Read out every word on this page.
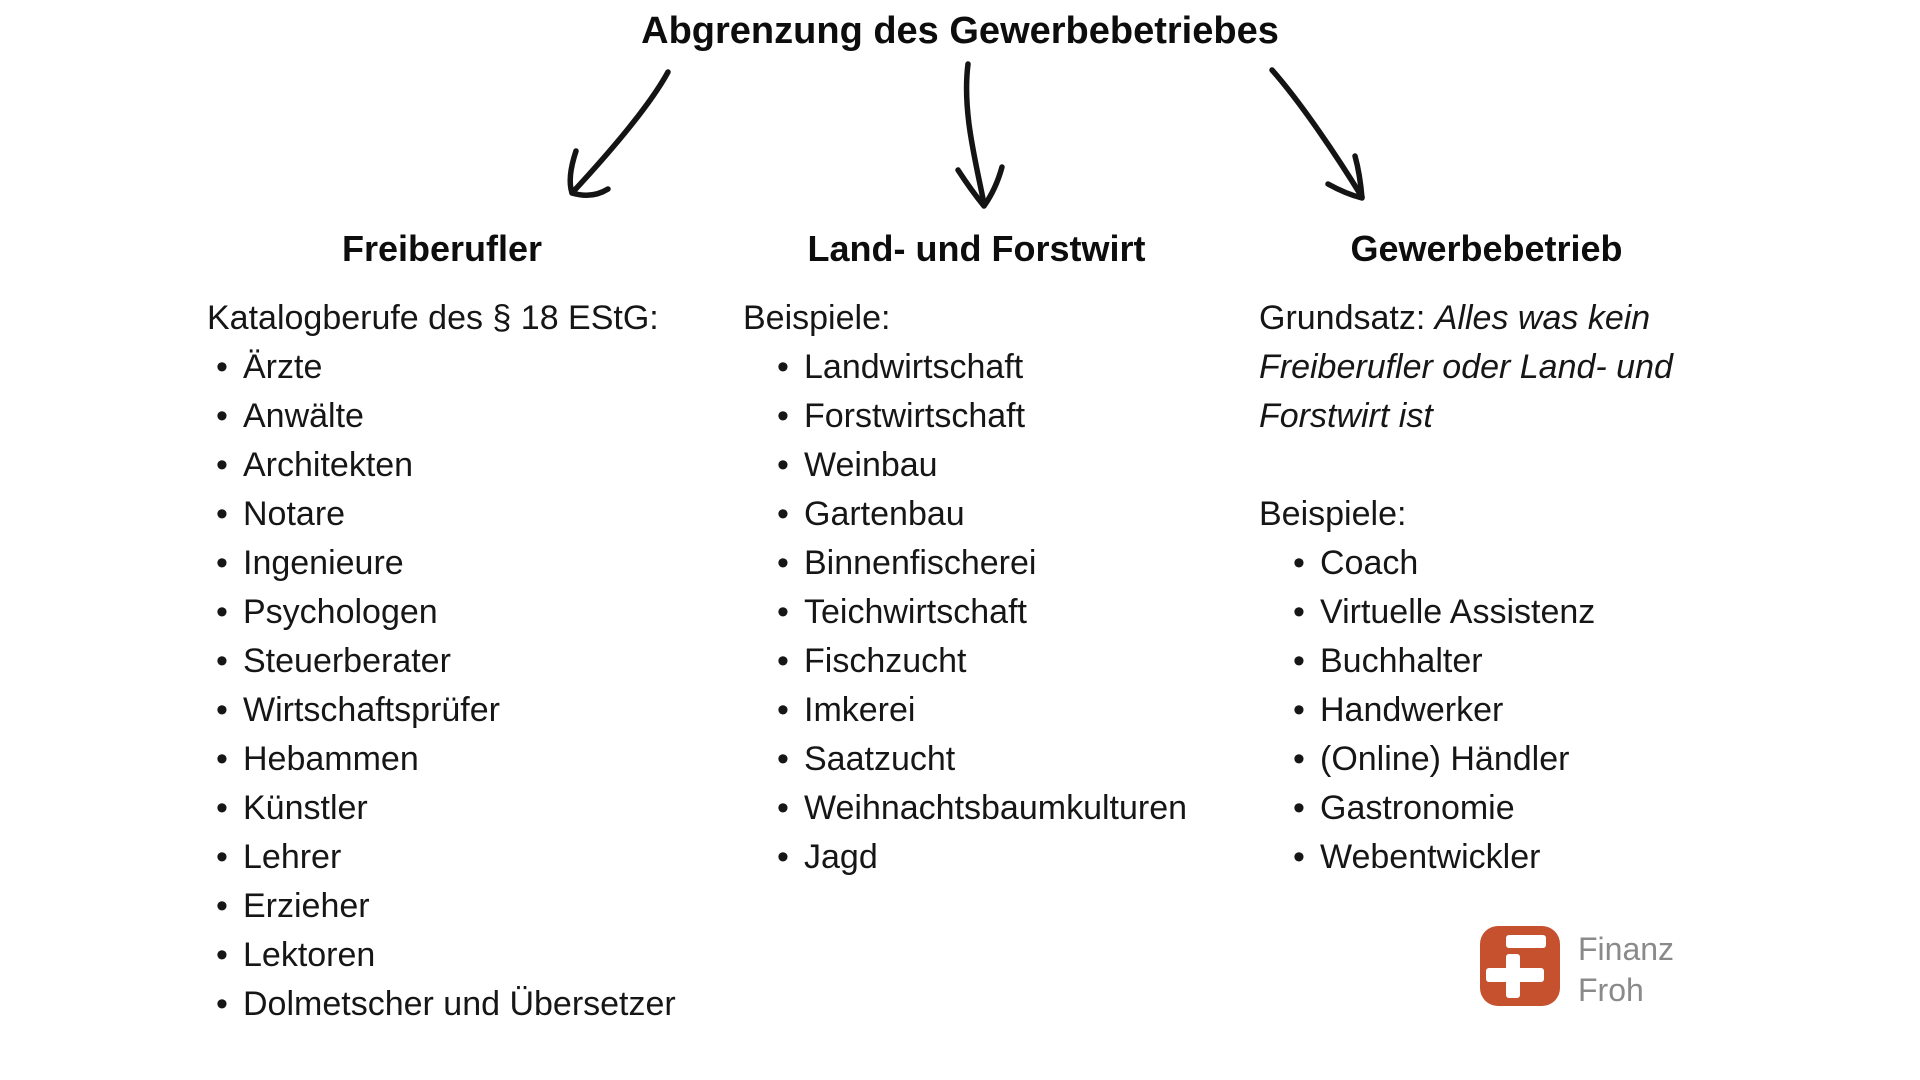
Abgrenzung des Gewerbebetriebes
Freiberufler

Katalogberufe des § 18 EStG:

• Ärzte
• Anwälte
• Architekten
• Notare
• Ingenieure
• Psychologen
• Steuerberater
• Wirtschaftsprüfer
• Hebammen
• Künstler
• Lehrer
• Erzieher
• Lektoren
• Dolmetscher und Übersetzer
Land- und Forstwirt

Beispiele:

• Landwirtschaft
• Forstwirtschaft
• Weinbau
• Gartenbau
• Binnenfischerei
• Teichwirtschaft
• Fischzucht
• Imkerei
• Saatzucht
• Weihnachtsbaumkulturen
• Jagd
Gewerbebetrieb

Grundsatz: Alles was kein Freiberufler oder Land- und Forstwirt ist

Beispiele:

• Coach
• Virtuelle Assistenz
• Buchhalter
• Handwerker
• (Online) Händler
• Gastronomie
• Webentwickler
Finanz
Froh
